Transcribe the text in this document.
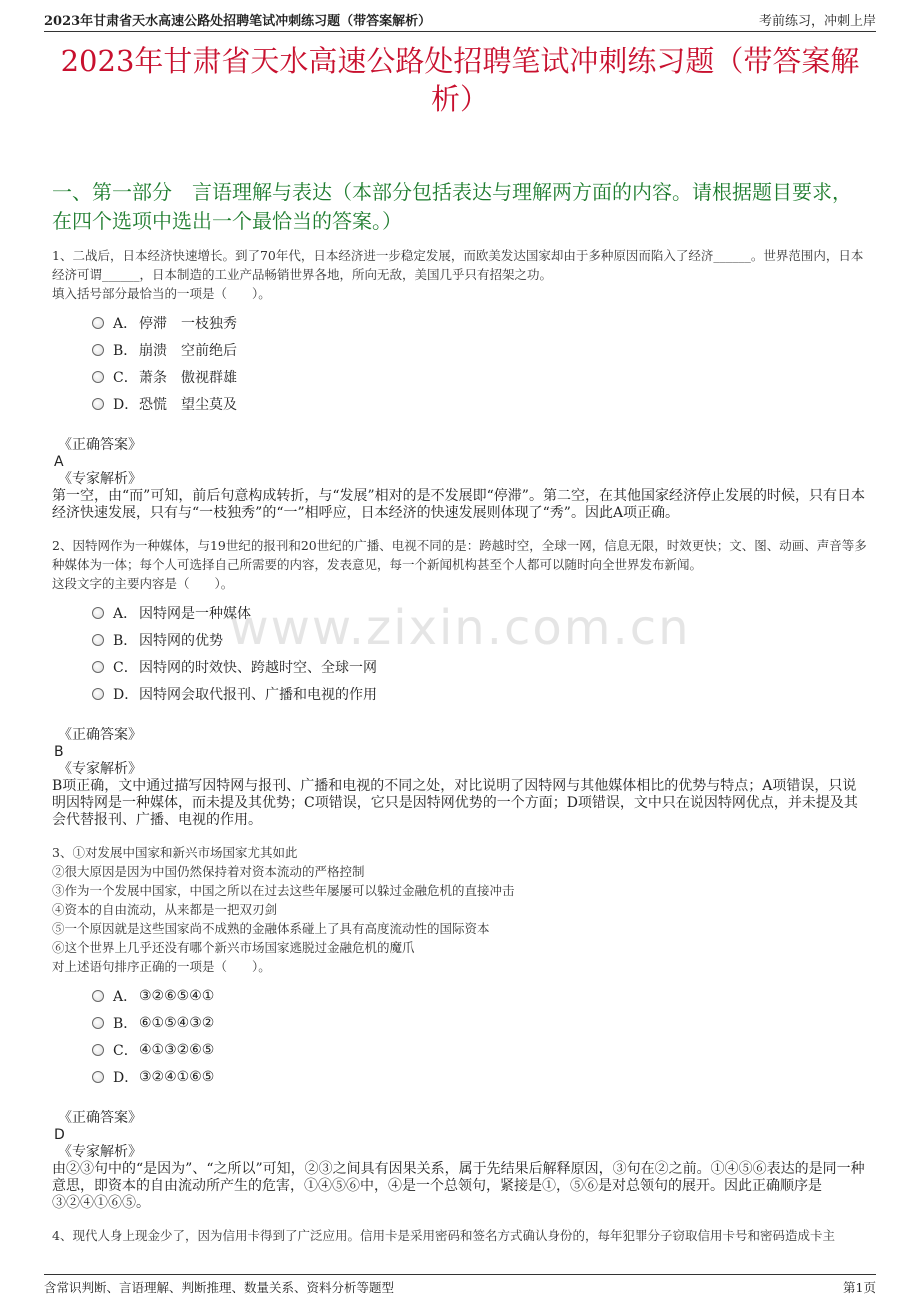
2023年甘肃省天水高速公路处招聘笔试冲刺练习题（带答案解析）	考前练习，冲刺上岸
2023年甘肃省天水高速公路处招聘笔试冲刺练习题（带答案解析）
一、第一部分　言语理解与表达（本部分包括表达与理解两方面的内容。请根据题目要求，在四个选项中选出一个最恰当的答案。）
www.zixin.com.cn

1、二战后，日本经济快速增长。到了70年代，日本经济进一步稳定发展，而欧美发达国家却由于多种原因而陷入了经济______。世界范围内，日本经济可谓______，日本制造的工业产品畅销世界各地，所向无敌，美国几乎只有招架之功。

填入括号部分最恰当的一项是（　　）。

A． 停滞　一枝独秀
B． 崩溃　空前绝后
C． 萧条　傲视群雄
D． 恐慌　望尘莫及
《正确答案》
A
《专家解析》
第一空，由“而”可知，前后句意构成转折，与“发展”相对的是不发展即“停滞”。第二空，在其他国家经济停止发展的时候，只有日本经济快速发展，只有与“一枝独秀”的“一”相呼应，日本经济的快速发展则体现了“秀”。因此A项正确。

2、因特网作为一种媒体，与19世纪的报刊和20世纪的广播、电视不同的是：跨越时空，全球一网，信息无限，时效更快；文、图、动画、声音等多种媒体为一体；每个人可选择自己所需要的内容，发表意见，每一个新闻机构甚至个人都可以随时向全世界发布新闻。

这段文字的主要内容是（　　）。

A． 因特网是一种媒体
B． 因特网的优势
C． 因特网的时效快、跨越时空、全球一网
D． 因特网会取代报刊、广播和电视的作用
《正确答案》
B
《专家解析》
B项正确，文中通过描写因特网与报刊、广播和电视的不同之处，对比说明了因特网与其他媒体相比的优势与特点；A项错误，只说明因特网是一种媒体，而未提及其优势；C项错误，它只是因特网优势的一个方面；D项错误，文中只在说因特网优点，并未提及其会代替报刊、广播、电视的作用。

3、①对发展中国家和新兴市场国家尤其如此

②很大原因是因为中国仍然保持着对资本流动的严格控制

③作为一个发展中国家，中国之所以在过去这些年屡屡可以躲过金融危机的直接冲击

④资本的自由流动，从来都是一把双刃剑

⑤一个原因就是这些国家尚不成熟的金融体系碰上了具有高度流动性的国际资本

⑥这个世界上几乎还没有哪个新兴市场国家逃脱过金融危机的魔爪

对上述语句排序正确的一项是（　　）。

A． ③②⑥⑤④①
B． ⑥①⑤④③②
C． ④①③②⑥⑤
D． ③②④①⑥⑤
《正确答案》
D
《专家解析》
由②③句中的“是因为”、“之所以”可知，②③之间具有因果关系，属于先结果后解释原因，③句在②之前。①④⑤⑥表达的是同一种意思，即资本的自由流动所产生的危害，①④⑤⑥中，④是一个总领句，紧接是①，⑤⑥是对总领句的展开。因此正确顺序是③②④①⑥⑤。
4、现代人身上现金少了，因为信用卡得到了广泛应用。信用卡是采用密码和签名方式确认身份的，每年犯罪分子窃取信用卡号和密码造成卡主
含常识判断、言语理解、判断推理、数量关系、资料分析等题型	第1页
